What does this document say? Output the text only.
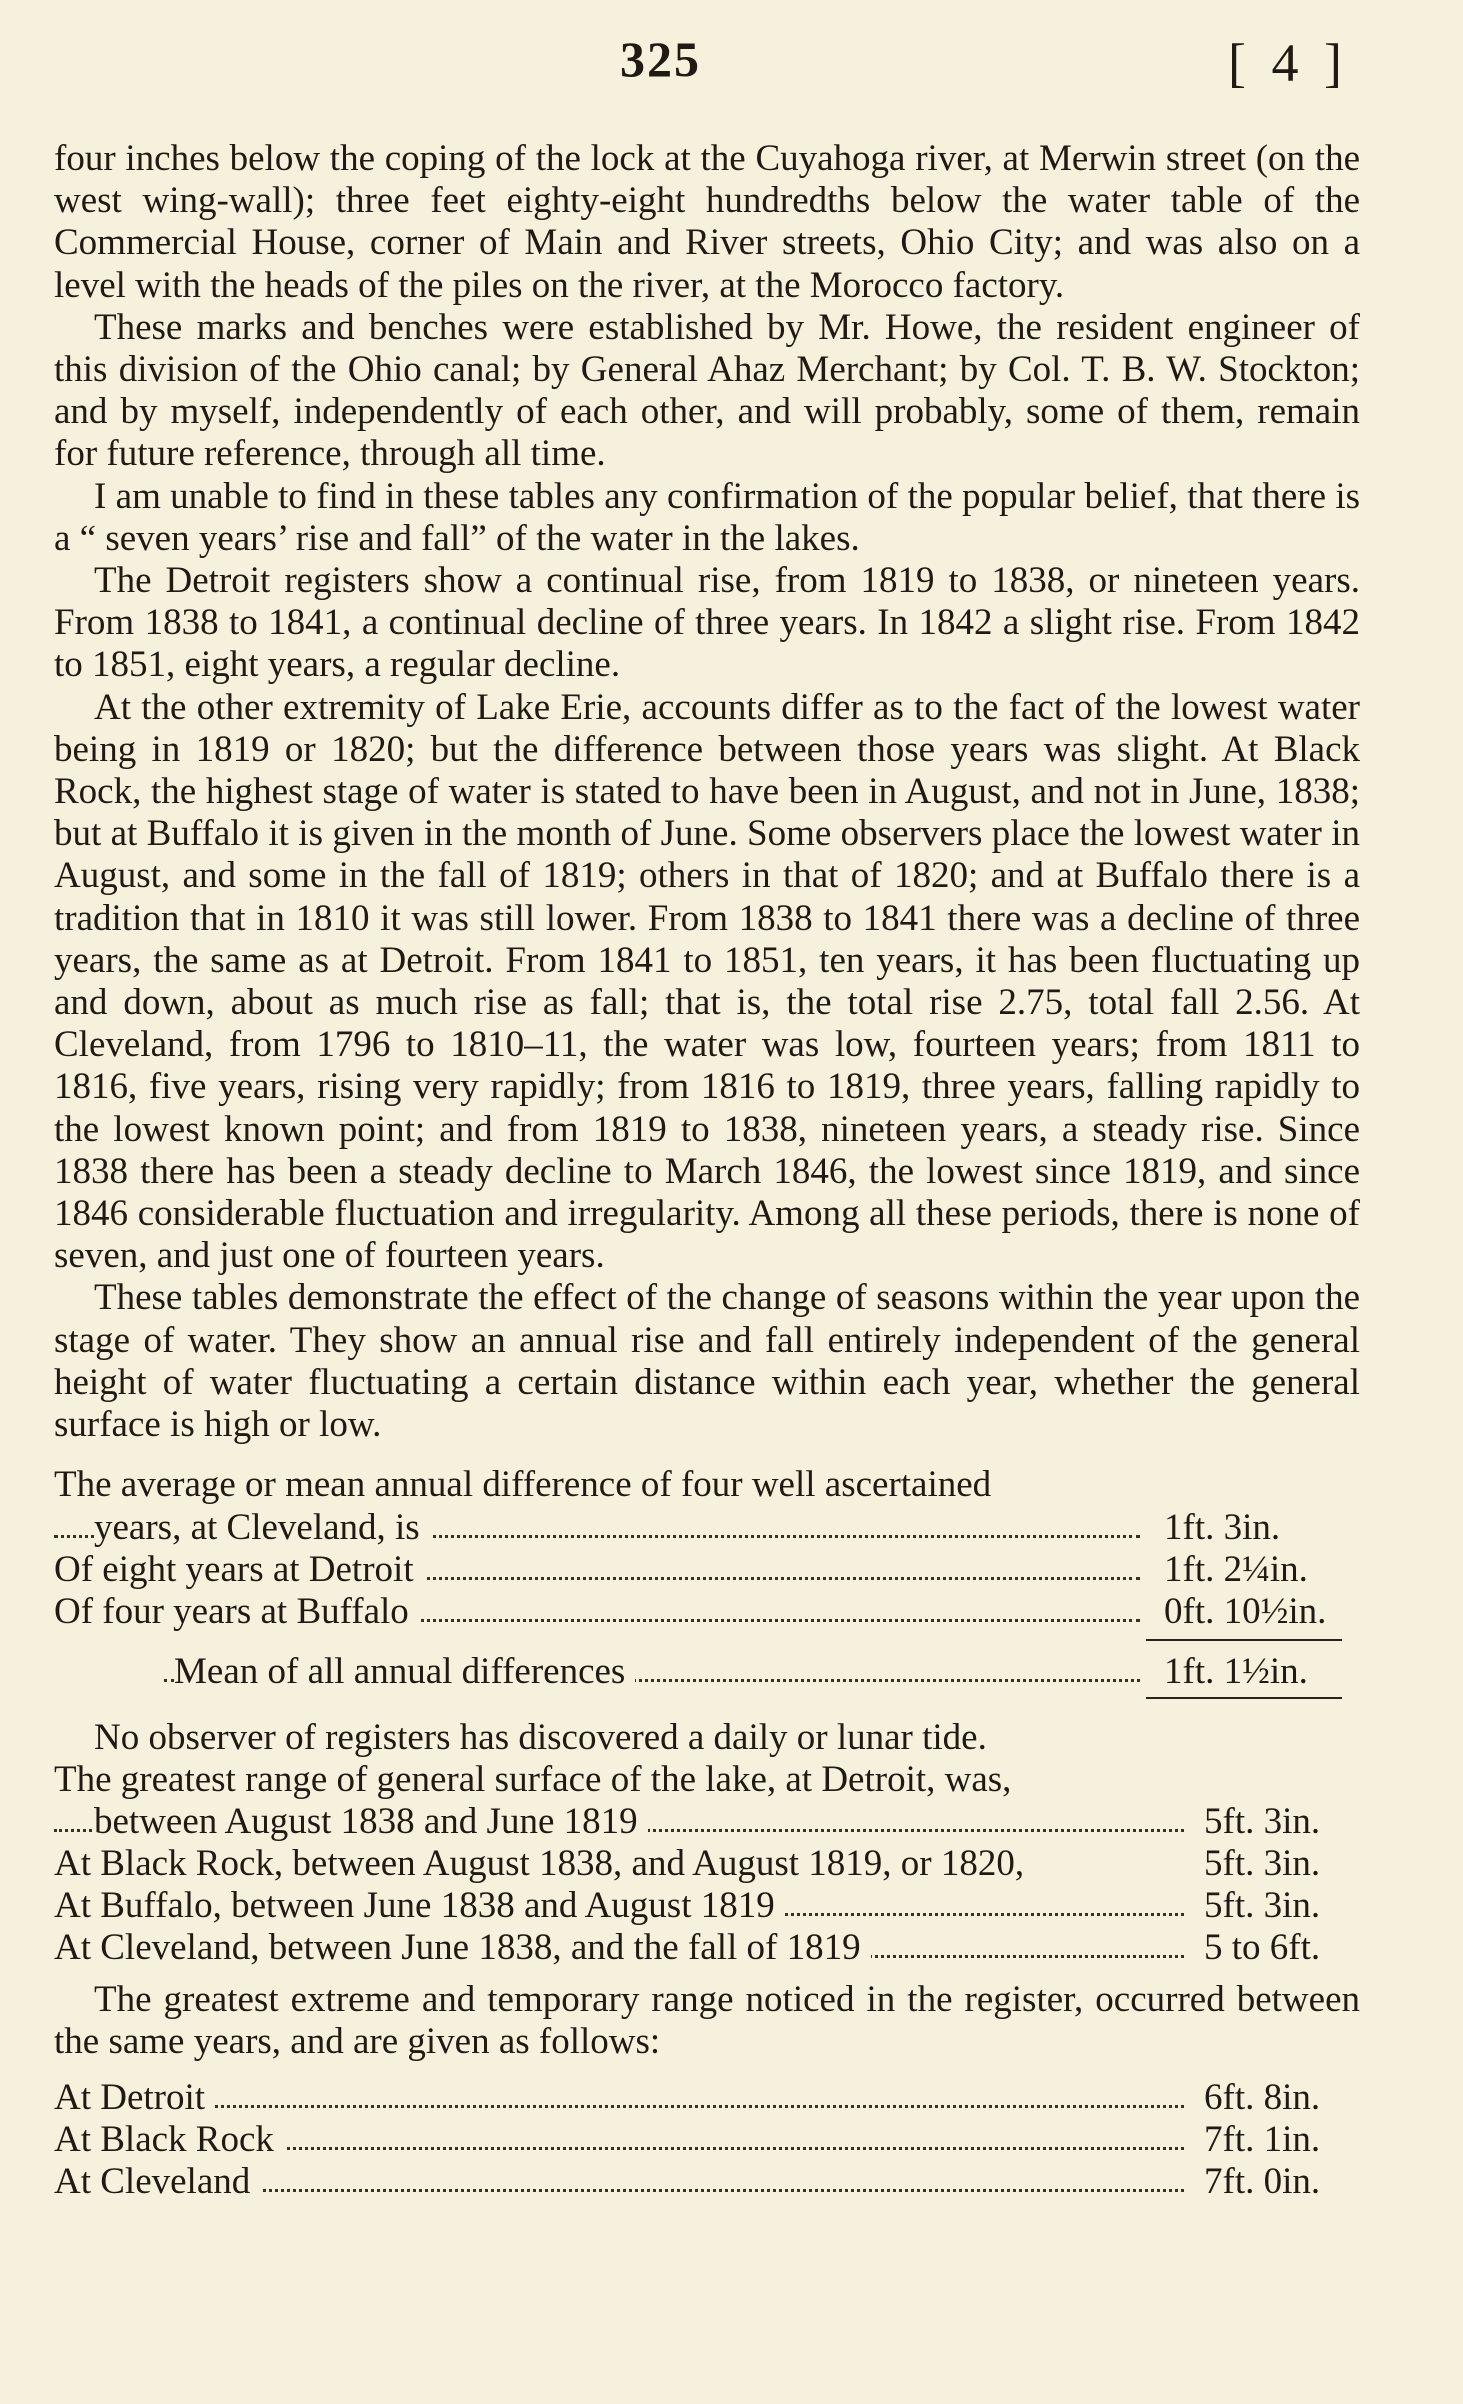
325	[ 4 ]

four inches below the coping of the lock at the Cuyahoga river, at Merwin street (on the west wing-wall); three feet eighty-eight hundredths below the water table of the Commercial House, corner of Main and River streets, Ohio City; and was also on a level with the heads of the piles on the river, at the Morocco factory.

These marks and benches were established by Mr. Howe, the resident engineer of this division of the Ohio canal; by General Ahaz Merchant; by Col. T. B. W. Stockton; and by myself, independently of each other, and will probably, some of them, remain for future reference, through all time.

I am unable to find in these tables any confirmation of the popular belief, that there is a “ seven years’ rise and fall” of the water in the lakes.

The Detroit registers show a continual rise, from 1819 to 1838, or nineteen years. From 1838 to 1841, a continual decline of three years. In 1842 a slight rise. From 1842 to 1851, eight years, a regular decline.

At the other extremity of Lake Erie, accounts differ as to the fact of the lowest water being in 1819 or 1820; but the difference between those years was slight. At Black Rock, the highest stage of water is stated to have been in August, and not in June, 1838; but at Buffalo it is given in the month of June. Some observers place the lowest water in August, and some in the fall of 1819; others in that of 1820; and at Buffalo there is a tradition that in 1810 it was still lower. From 1838 to 1841 there was a decline of three years, the same as at Detroit. From 1841 to 1851, ten years, it has been fluctuating up and down, about as much rise as fall; that is, the total rise 2.75, total fall 2.56. At Cleveland, from 1796 to 1810–11, the water was low, fourteen years; from 1811 to 1816, five years, rising very rapidly; from 1816 to 1819, three years, falling rapidly to the lowest known point; and from 1819 to 1838, nineteen years, a steady rise. Since 1838 there has been a steady decline to March 1846, the lowest since 1819, and since 1846 considerable fluctuation and irregularity. Among all these periods, there is none of seven, and just one of fourteen years.

These tables demonstrate the effect of the change of seasons within the year upon the stage of water. They show an annual rise and fall entirely independent of the general height of water fluctuating a certain distance within each year, whether the general surface is high or low.

The average or mean annual difference of four well ascertained

years, at Cleveland, is	1ft. 3in.
Of eight years at Detroit	1ft. 2¼in.
Of four years at Buffalo	0ft. 10½in.
Mean of all annual differences	1ft. 1½in.

No observer of registers has discovered a daily or lunar tide.

The greatest range of general surface of the lake, at Detroit, was,

between August 1838 and June 1819	5ft. 3in.
At Black Rock, between August 1838, and August 1819, or 1820,	5ft. 3in.
At Buffalo, between June 1838 and August 1819	5ft. 3in.
At Cleveland, between June 1838, and the fall of 1819	5 to 6ft.

The greatest extreme and temporary range noticed in the register, occurred between the same years, and are given as follows:

At Detroit	6ft. 8in.
At Black Rock	7ft. 1in.
At Cleveland	7ft. 0in.
